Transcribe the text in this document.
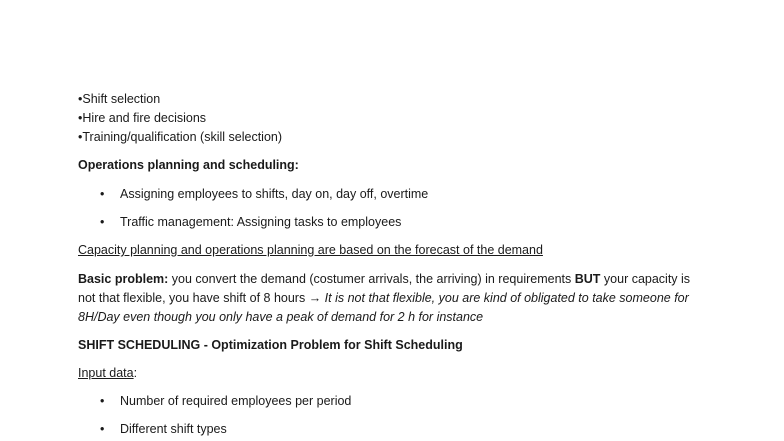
•Shift selection
•Hire and fire decisions
•Training/qualification (skill selection)
Operations planning and scheduling:
•	Assigning employees to shifts, day on, day off, overtime
•	Traffic management: Assigning tasks to employees
Capacity planning and operations planning are based on the forecast of the demand
Basic problem: you convert the demand (costumer arrivals, the arriving) in requirements BUT your capacity is
not that flexible, you have shift of 8 hours → It is not that flexible, you are kind of obligated to take someone for
8H/Day even though you only have a peak of demand for 2 h for instance
SHIFT SCHEDULING - Optimization Problem for Shift Scheduling
Input data:
•	Number of required employees per period
•	Different shift types
